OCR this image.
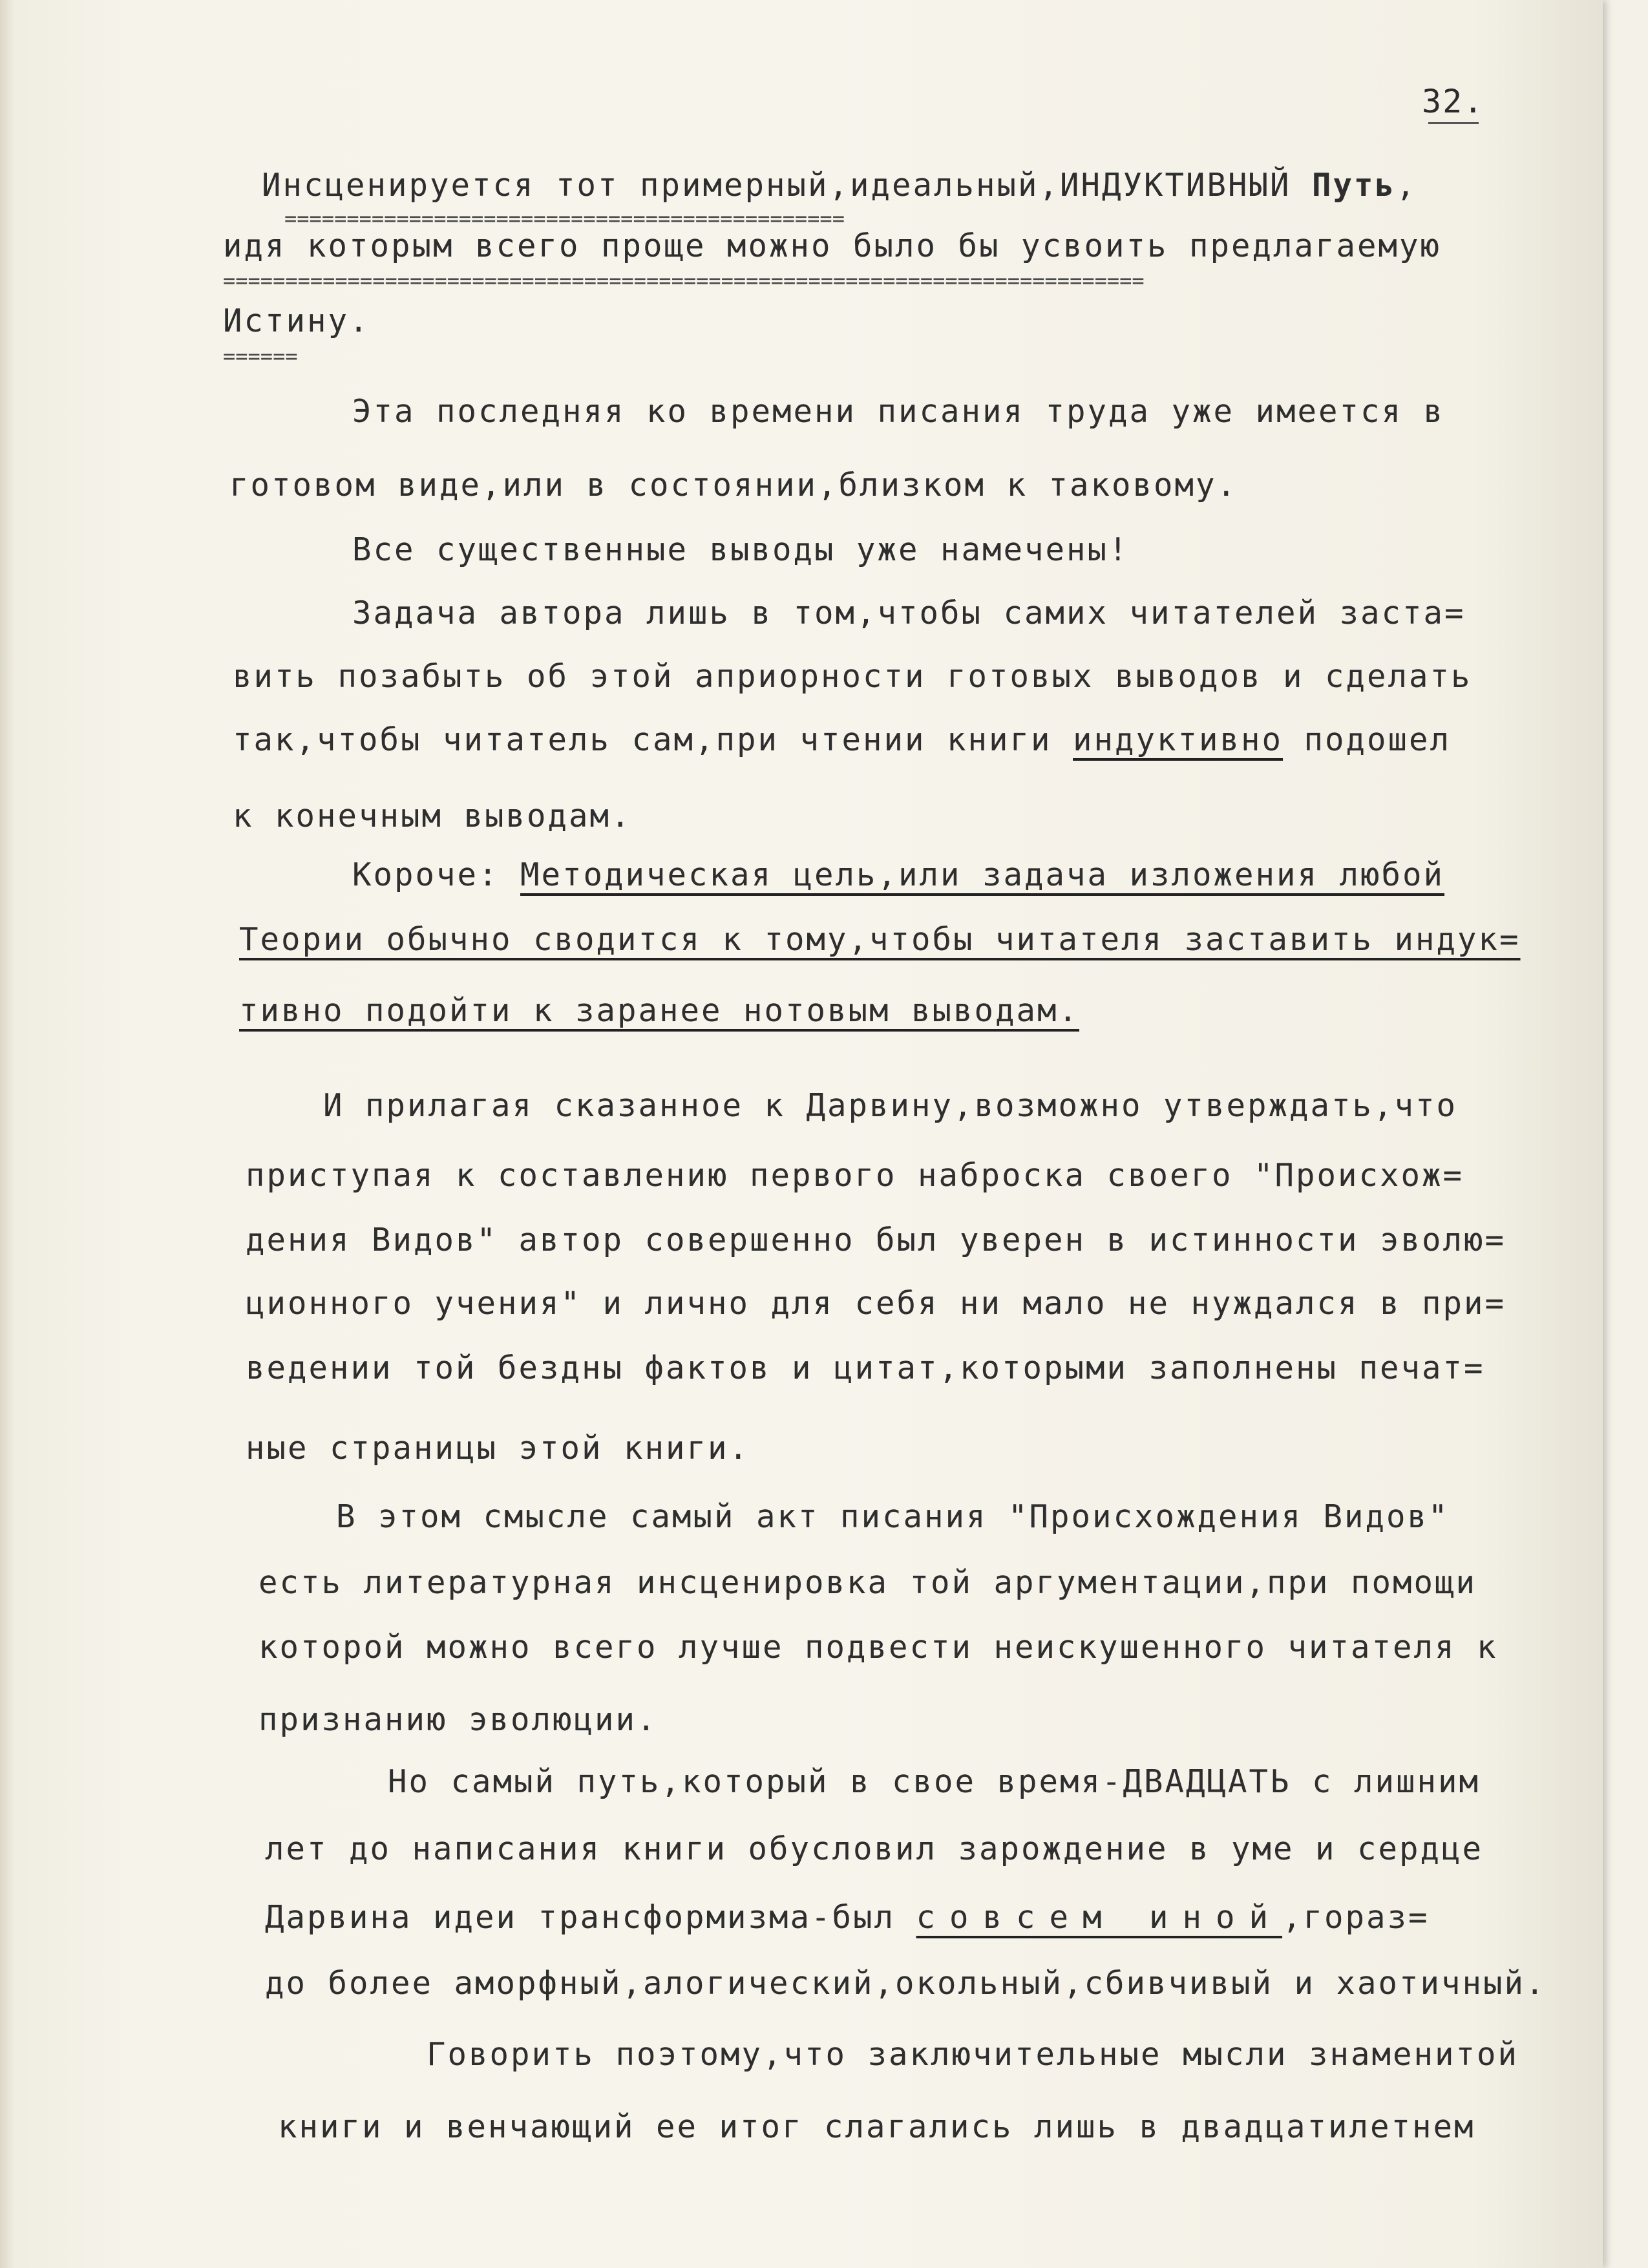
32.
Инсценируется тот примерный,идеальный,ИНДУКТИВНЫЙ Путь,
=============================================
идя которым всего проще можно было бы усвоить предлагаемую
==========================================================================
Истину.
======
Эта последняя ко времени писания труда уже имеется в
готовом виде,или в состоянии,близком к таковому.
Все существенные выводы уже намечены!
Задача автора лишь в том,чтобы самих читателей заста=
вить позабыть об этой априорности готовых выводов и сделать
так,чтобы читатель сам,при чтении книги индуктивно подошел
к конечным выводам.
Короче: Методическая цель,или задача изложения любой
Теории обычно сводится к тому,чтобы читателя заставить индук=
тивно подойти к заранее нотовым выводам.
И прилагая сказанное к Дарвину,возможно утверждать,что
приступая к составлению первого наброска своего "Происхож=
дения Видов" автор совершенно был уверен в истинности эволю=
ционного учения" и лично для себя ни мало не нуждался в при=
ведении той бездны фактов и цитат,которыми заполнены печат=
ные страницы этой книги.
В этом смысле самый акт писания "Происхождения Видов"
есть литературная инсценировка той аргументации,при помощи
которой можно всего лучше подвести неискушенного читателя к
признанию эволюции.
Но самый путь,который в свое время-ДВАДЦАТЬ с лишним
лет до написания книги обусловил зарождение в уме и сердце
Дарвина идеи трансформизма-был совсем иной,гораз=
до более аморфный,алогический,окольный,сбивчивый и хаотичный.
Говорить поэтому,что заключительные мысли знаменитой
книги и венчающий ее итог слагались лишь в двадцатилетнем
